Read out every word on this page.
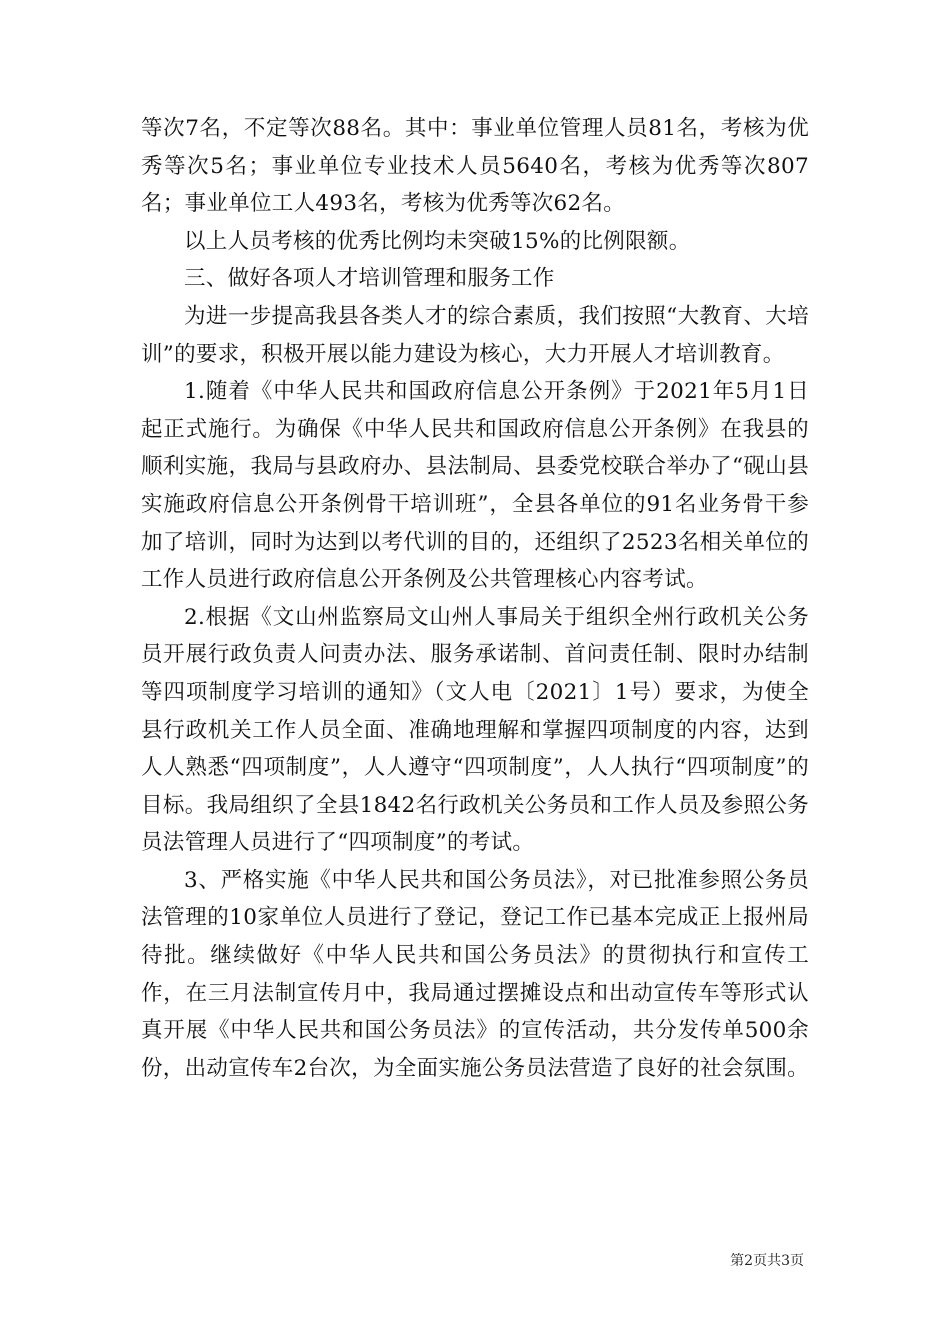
等次7名，不定等次88名。其中：事业单位管理人员81名，考核为优秀等次5名；事业单位专业技术人员5640名，考核为优秀等次807名；事业单位工人493名，考核为优秀等次62名。

以上人员考核的优秀比例均未突破15%的比例限额。

三、做好各项人才培训管理和服务工作

为进一步提高我县各类人才的综合素质，我们按照“大教育、大培训”的要求，积极开展以能力建设为核心，大力开展人才培训教育。

1.随着《中华人民共和国政府信息公开条例》于2021年5月1日起正式施行。为确保《中华人民共和国政府信息公开条例》在我县的顺利实施，我局与县政府办、县法制局、县委党校联合举办了“砚山县实施政府信息公开条例骨干培训班”，全县各单位的91名业务骨干参加了培训，同时为达到以考代训的目的，还组织了2523名相关单位的工作人员进行政府信息公开条例及公共管理核心内容考试。

2.根据《文山州监察局文山州人事局关于组织全州行政机关公务员开展行政负责人问责办法、服务承诺制、首问责任制、限时办结制等四项制度学习培训的通知》（文人电〔2021〕1号）要求，为使全县行政机关工作人员全面、准确地理解和掌握四项制度的内容，达到人人熟悉“四项制度”，人人遵守“四项制度”，人人执行“四项制度”的目标。我局组织了全县1842名行政机关公务员和工作人员及参照公务员法管理人员进行了“四项制度”的考试。

3、严格实施《中华人民共和国公务员法》，对已批准参照公务员法管理的10家单位人员进行了登记，登记工作已基本完成正上报州局待批。继续做好《中华人民共和国公务员法》的贯彻执行和宣传工作，在三月法制宣传月中，我局通过摆摊设点和出动宣传车等形式认真开展《中华人民共和国公务员法》的宣传活动，共分发传单500余份，出动宣传车2台次，为全面实施公务员法营造了良好的社会氛围。

第2页共3页
